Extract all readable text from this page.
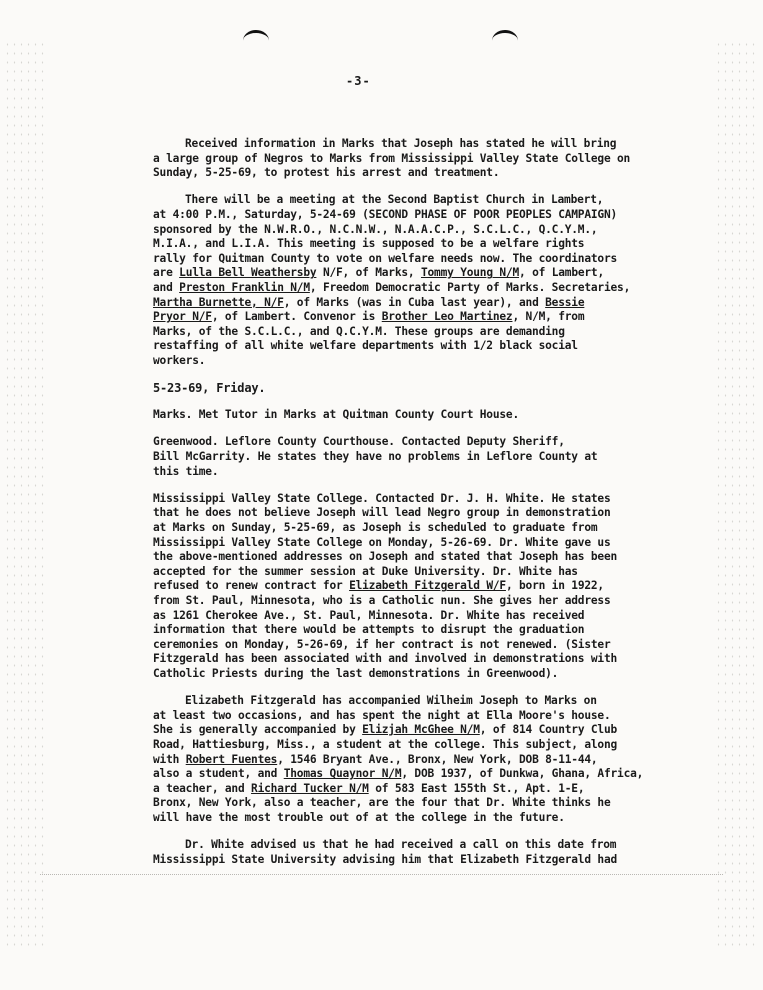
-3-
Received information in Marks that Joseph has stated he will bring
a large group of Negros to Marks from Mississippi Valley State College on
Sunday, 5-25-69, to protest his arrest and treatment.
There will be a meeting at the Second Baptist Church in Lambert,
at 4:00 P.M., Saturday, 5-24-69 (SECOND PHASE OF POOR PEOPLES CAMPAIGN)
sponsored by the N.W.R.O., N.C.N.W., N.A.A.C.P., S.C.L.C., Q.C.Y.M.,
M.I.A., and L.I.A. This meeting is supposed to be a welfare rights
rally for Quitman County to vote on welfare needs now. The coordinators
are Lulla Bell Weathersby N/F, of Marks, Tommy Young N/M, of Lambert,
and Preston Franklin N/M, Freedom Democratic Party of Marks. Secretaries,
Martha Burnette, N/F, of Marks (was in Cuba last year), and Bessie
Pryor N/F, of Lambert. Convenor is Brother Leo Martinez, N/M, from
Marks, of the S.C.L.C., and Q.C.Y.M. These groups are demanding
restaffing of all white welfare departments with 1/2 black social
workers.
5-23-69, Friday.
Marks. Met Tutor in Marks at Quitman County Court House.
Greenwood. Leflore County Courthouse. Contacted Deputy Sheriff,
Bill McGarrity. He states they have no problems in Leflore County at
this time.
Mississippi Valley State College. Contacted Dr. J. H. White. He states
that he does not believe Joseph will lead Negro group in demonstration
at Marks on Sunday, 5-25-69, as Joseph is scheduled to graduate from
Mississippi Valley State College on Monday, 5-26-69. Dr. White gave us
the above-mentioned addresses on Joseph and stated that Joseph has been
accepted for the summer session at Duke University. Dr. White has
refused to renew contract for Elizabeth Fitzgerald W/F, born in 1922,
from St. Paul, Minnesota, who is a Catholic nun. She gives her address
as 1261 Cherokee Ave., St. Paul, Minnesota. Dr. White has received
information that there would be attempts to disrupt the graduation
ceremonies on Monday, 5-26-69, if her contract is not renewed. (Sister
Fitzgerald has been associated with and involved in demonstrations with
Catholic Priests during the last demonstrations in Greenwood).
Elizabeth Fitzgerald has accompanied Wilheim Joseph to Marks on
at least two occasions, and has spent the night at Ella Moore's house.
She is generally accompanied by Elizjah McGhee N/M, of 814 Country Club
Road, Hattiesburg, Miss., a student at the college. This subject, along
with Robert Fuentes, 1546 Bryant Ave., Bronx, New York, DOB 8-11-44,
also a student, and Thomas Quaynor N/M, DOB 1937, of Dunkwa, Ghana, Africa,
a teacher, and Richard Tucker N/M of 583 East 155th St., Apt. 1-E,
Bronx, New York, also a teacher, are the four that Dr. White thinks he
will have the most trouble out of at the college in the future.
Dr. White advised us that he had received a call on this date from
Mississippi State University advising him that Elizabeth Fitzgerald had
